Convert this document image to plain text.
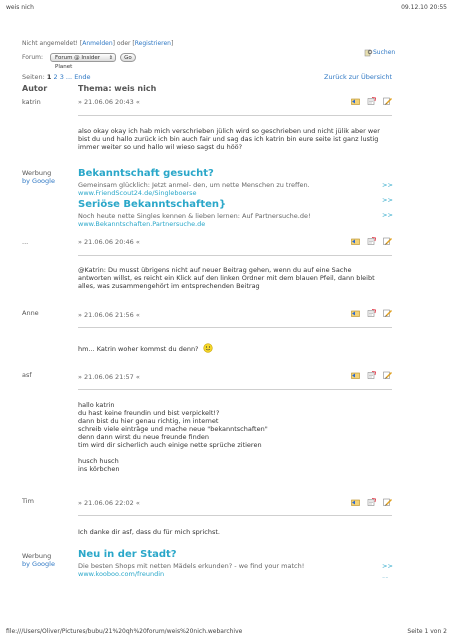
weis nich	09.12.10 20:55
Nicht angemeldet! [Anmelden] oder [Registrieren]
Forum:	Forum @ Insider Planet
⇕	Go
Suchen
Seiten: 1 2 3 ... Ende	Zurück zur Übersicht
Autor	Thema: weis nich
katrin	» 21.06.06 20:43 «
also okay okay ich hab mich verschrieben jülich wird so geschrieben und nicht jülik aber wer
bist du und hallo zurück ich bin auch fair und sag das ich katrin bin eure seite ist ganz lustig
immer weiter so und hallo wil wieso sagst du höö?
Werbung
by Google
Bekanntschaft gesucht?
Gemeinsam glücklich: Jetzt anmel- den, um nette Menschen zu treffen.
www.FriendScout24.de/Singleboerse
>>
>>
Seriöse Bekanntschaften}
Noch heute nette Singles kennen & lieben lernen: Auf Partnersuche.de!
www.Bekanntschaften.Partnersuche.de
>>
...	» 21.06.06 20:46 «
@Katrin: Du musst übrigens nicht auf neuer Beitrag gehen, wenn du auf eine Sache
antworten willst, es reicht ein Klick auf den linken Ordner mit dem blauen Pfeil, dann bleibt
alles, was zusammengehört im entsprechenden Beitrag
Anne	» 21.06.06 21:56 «
hm... Katrin woher kommst du denn?
asf	» 21.06.06 21:57 «
hallo katrin
du hast keine freundin und bist verpickelt!?
dann bist du hier genau richtig, im internet
schreib viele einträge und mache neue "bekanntschaften"
denn dann wirst du neue freunde finden
tim wird dir sicherlich auch einige nette sprüche zitieren
husch husch
ins körbchen
Tim	» 21.06.06 22:02 «
Ich danke dir asf, dass du für mich sprichst.
Werbung
by Google
Neu in der Stadt?
Die besten Shops mit netten Mädels erkunden? - we find your match!
www.kooboo.com/freundin
>>
˜˜
file:///Users/Oliver/Pictures/bubu/21%20qh%20forum/weis%20nich.webarchive	Seite 1 von 2
